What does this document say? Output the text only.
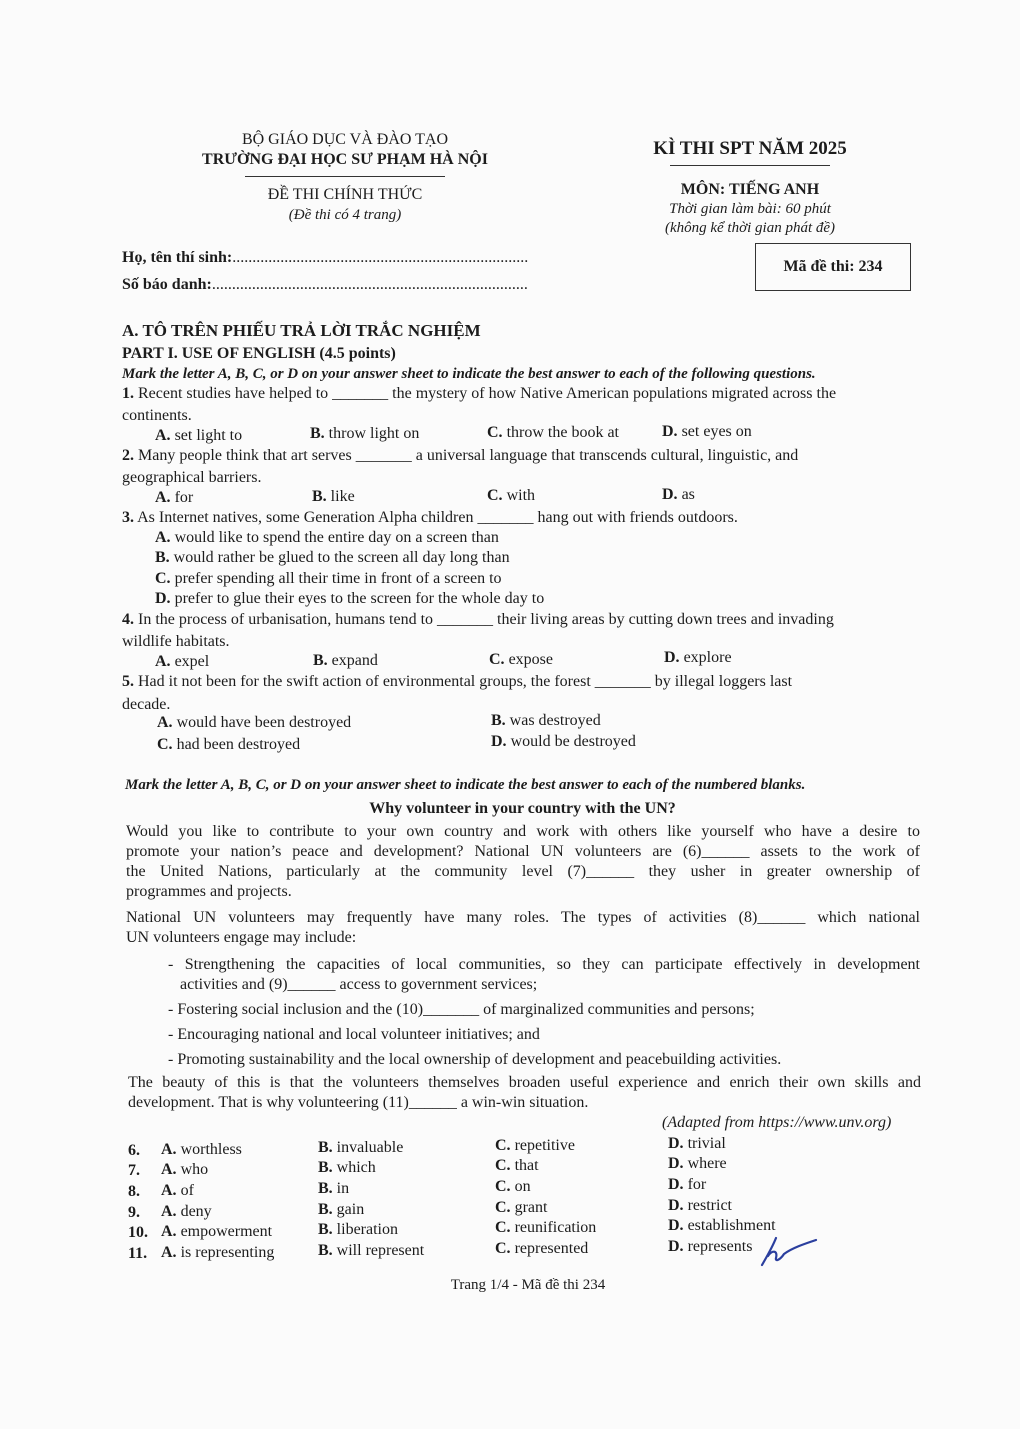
BỘ GIÁO DỤC VÀ ĐÀO TẠO
TRƯỜNG ĐẠI HỌC SƯ PHẠM HÀ NỘI
ĐỀ THI CHÍNH THỨC
(Đề thi có 4 trang)
KÌ THI SPT NĂM 2025
MÔN: TIẾNG ANH
Thời gian làm bài: 60 phút
(không kể thời gian phát đề)
Họ, tên thí sinh:..........................................................................
Số báo danh:...............................................................................
Mã đề thi: 234
A. TÔ TRÊN PHIẾU TRẢ LỜI TRẮC NGHIỆM
PART I. USE OF ENGLISH (4.5 points)
Mark the letter A, B, C, or D on your answer sheet to indicate the best answer to each of the following questions.
1. Recent studies have helped to _______ the mystery of how Native American populations migrated across the
continents.
A. set light to	B. throw light on	C. throw the book at	D. set eyes on
2. Many people think that art serves _______ a universal language that transcends cultural, linguistic, and
geographical barriers.
A. for	B. like	C. with	D. as
3. As Internet natives, some Generation Alpha children _______ hang out with friends outdoors.
A. would like to spend the entire day on a screen than
B. would rather be glued to the screen all day long than
C. prefer spending all their time in front of a screen to
D. prefer to glue their eyes to the screen for the whole day to
4. In the process of urbanisation, humans tend to _______ their living areas by cutting down trees and invading
wildlife habitats.
A. expel	B. expand	C. expose	D. explore
5. Had it not been for the swift action of environmental groups, the forest _______ by illegal loggers last
decade.
A. would have been destroyed	B. was destroyed
C. had been destroyed	D. would be destroyed
Mark the letter A, B, C, or D on your answer sheet to indicate the best answer to each of the numbered blanks.
Why volunteer in your country with the UN?
Would you like to contribute to your own country and work with others like yourself who have a desire to
promote your nation’s peace and development? National UN volunteers are (6)______ assets to the work of
the United Nations, particularly at the community level (7)______ they usher in greater ownership of
programmes and projects.
National UN volunteers may frequently have many roles. The types of activities (8)______ which national
UN volunteers engage may include:
- Strengthening the capacities of local communities, so they can participate effectively in development
activities and (9)______ access to government services;
- Fostering social inclusion and the (10)_______ of marginalized communities and persons;
- Encouraging national and local volunteer initiatives; and
- Promoting sustainability and the local ownership of development and peacebuilding activities.
The beauty of this is that the volunteers themselves broaden useful experience and enrich their own skills and
development. That is why volunteering (11)______ a win-win situation.
(Adapted from https://www.unv.org)
6. A. worthless	B. invaluable	C. repetitive	D. trivial
7. A. who	B. which	C. that	D. where
8. A. of	B. in	C. on	D. for
9. A. deny	B. gain	C. grant	D. restrict
10. A. empowerment	B. liberation	C. reunification	D. establishment
11. A. is representing	B. will represent	C. represented	D. represents
Trang 1/4 - Mã đề thi 234
